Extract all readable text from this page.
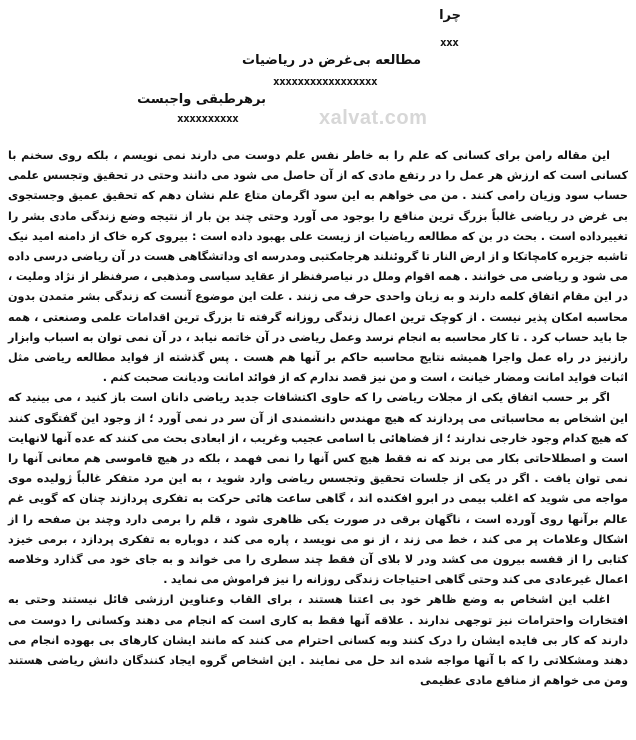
چرا
xxx
مطالعه بی‌غرض در ریاضیات
xxxxxxxxxxxxxxxxx
برهرطبقی واجبست
xxxxxxxxxx	xalvat.com

این مقاله رامن برای کسانی که علم را به خاطر نفس علم دوست می دارند نمی نویسم ، بلکه روی سخنم با کسانی است که ارزش هر عمل را در رتفع مادی که از آن حاصل می شود می دانند وحتی در تحقیق وتجسس علمی حساب سود وزیان رامی کنند . من می خواهم به این سود اگرمان متاع علم نشان دهم که تحقیق عمیق وجستجوی بی غرض در ریاضی غالباً بزرگ ترین منافع را بوجود می آورد وحتی چند بن بار از نتیجه وضع زندگی مادی بشر را تغییرداده است . بحث در بن که مطالعه ریاضیات از زیست علی بهبود داده است : بیروی کره خاک از دامنه امید نیک تاشبه جزیره کامچاتکا و از ارض النار تا گروئنلند هرجامکتبی ومدرسه ای وداتشگاهی هست در آن ریاضی درسی داده می شود و ریاضی می خوانند . همه اقوام وملل در نیاصرفنظر از عقاید سیاسی ومذهبی ، صرفنظر از نژاد وملیت ، در این مقام اتفاق کلمه دارند و به زبان واحدی حرف می زنند . علت این موضوع آنست که زندگی بشر متمدن بدون محاسبه امکان پذیر نیست . از کوچک ترین اعمال زندگی روزانه گرفته تا بزرگ ترین اقدامات علمی وصنعتی ، همه جا باید حساب کرد . تا کار محاسبه به انجام نرسد وعمل ریاضی در آن خاتمه نیابد ، در آن نمی توان به اسباب وابزار رازنیز در راه عمل واجرا همیشه نتایج محاسبه حاکم بر آنها هم هست . پس گذشته از فواید مطالعه ریاضی مثل اثبات فواید امانت ومضار خیانت ، است و من نیز قصد ندارم که از فوائد امانت ودیانت صحبت کنم .

اگر بر حسب اتفاق یکی از مجلات ریاضی را که حاوی اکتشافات جدید ریاضی دانان است باز کنید ، می بینید که این اشخاص به محاسباتی می پردازند که هیچ مهندس دانشمندی از آن سر در نمی آورد ؛ از وجود این گفتگوی کنند که هیچ کدام وجود خارجی ندارند ؛ از فضاهائی با اسامی عجیب وغریب ، از ابعادی بحث می کنند که عده آنها لانهایت است و اصطلاحاتی بکار می برند که نه فقط هیچ کس آنها را نمی فهمد ، بلکه در هیچ قاموسی هم معانی آنها را نمی توان یافت . اگر در یکی از جلسات تحقیق وتجسس ریاضی وارد شوید ، به این مرد متفکر غالباً ژولیده موی مواجه می شوید که اغلب بیمی در ابرو افکنده اند ، گاهی ساعت هائی حرکت به تفکری پردازند چنان که گویی غم عالم برآنها روی آورده است ، ناگهان برقی در صورت یکی ظاهری شود ، قلم را برمی دارد وچند بن صفحه را از اشکال وعلامات پر می کند ، خط می زند ، از نو می نویسد ، پاره می کند ، دوباره به تفکری پردازد ، برمی خیزد کتابی را از قفسه بیرون می کشد ودر لا بلای آن فقط چند سطری را می خواند و به جای خود می گذارد وخلاصه اعمال غیرعادی می کند وحتی گاهی احتیاجات زندگی روزانه را نیز فراموش می نماید .

اغلب این اشخاص به وضع ظاهر خود بی اعتنا هستند ، برای القاب وعناوین ارزشی قائل نیستند وحتی به افتخارات واحترامات نیز توجهی ندارند . علاقه آنها فقط به کاری است که انجام می دهند وکسانی را دوست می دارند که کار بی فایده ایشان را درک کنند وبه کسانی احترام می کنند که مانند ایشان کارهای بی بهوده انجام می دهند ومشکلاتی را که با آنها مواجه شده اند حل می نمایند . این اشخاص گروه ایجاد کنندگان دانش ریاضی هستند ومن می خواهم از منافع مادی عظیمی
